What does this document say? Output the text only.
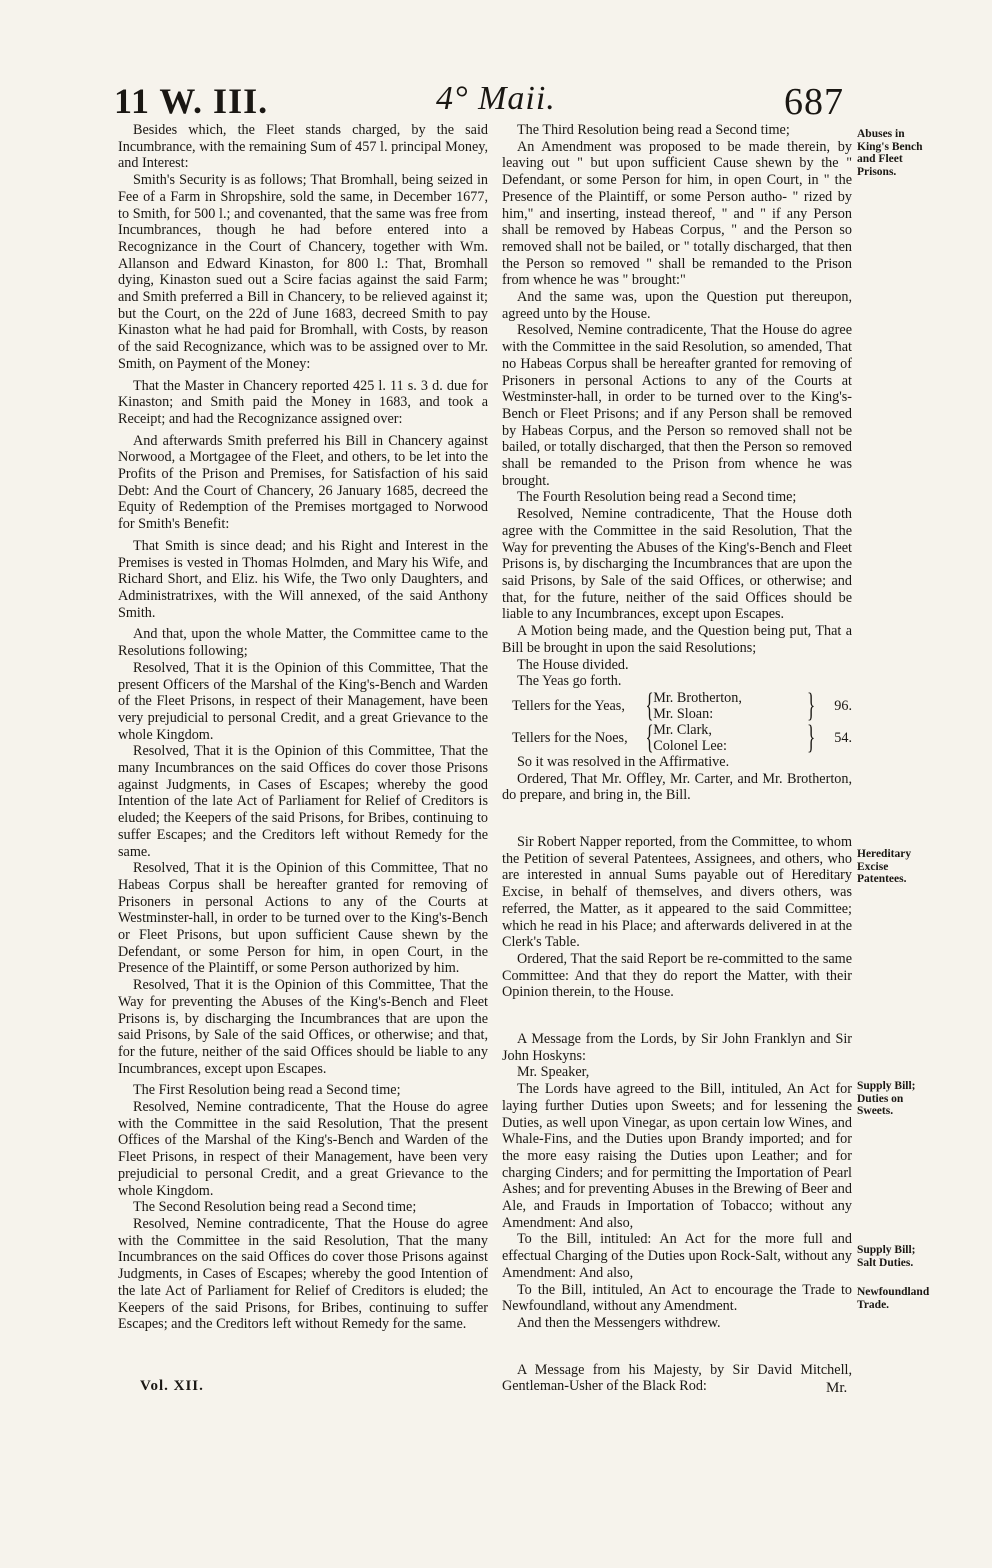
11 W. III.	4° Maii.	687

Besides which, the Fleet stands charged, by the said Incumbrance, with the remaining Sum of 457 l. principal Money, and Interest:

Smith's Security is as follows; That Bromhall, being seized in Fee of a Farm in Shropshire, sold the same, in December 1677, to Smith, for 500 l.; and covenanted, that the same was free from Incumbrances, though he had before entered into a Recognizance in the Court of Chancery, together with Wm. Allanson and Edward Kinaston, for 800 l.: That, Bromhall dying, Kinaston sued out a Scire facias against the said Farm; and Smith preferred a Bill in Chancery, to be relieved against it; but the Court, on the 22d of June 1683, decreed Smith to pay Kinaston what he had paid for Bromhall, with Costs, by reason of the said Recognizance, which was to be assigned over to Mr. Smith, on Payment of the Money:

That the Master in Chancery reported 425 l. 11 s. 3 d. due for Kinaston; and Smith paid the Money in 1683, and took a Receipt; and had the Recognizance assigned over:

And afterwards Smith preferred his Bill in Chancery against Norwood, a Mortgagee of the Fleet, and others, to be let into the Profits of the Prison and Premises, for Satisfaction of his said Debt: And the Court of Chancery, 26 January 1685, decreed the Equity of Redemption of the Premises mortgaged to Norwood for Smith's Benefit:

That Smith is since dead; and his Right and Interest in the Premises is vested in Thomas Holmden, and Mary his Wife, and Richard Short, and Eliz. his Wife, the Two only Daughters, and Administratrixes, with the Will annexed, of the said Anthony Smith.

And that, upon the whole Matter, the Committee came to the Resolutions following;

Resolved, That it is the Opinion of this Committee, That the present Officers of the Marshal of the King's-Bench and Warden of the Fleet Prisons, in respect of their Management, have been very prejudicial to personal Credit, and a great Grievance to the whole Kingdom.

Resolved, That it is the Opinion of this Committee, That the many Incumbrances on the said Offices do cover those Prisons against Judgments, in Cases of Escapes; whereby the good Intention of the late Act of Parliament for Relief of Creditors is eluded; the Keepers of the said Prisons, for Bribes, continuing to suffer Escapes; and the Creditors left without Remedy for the same.

Resolved, That it is the Opinion of this Committee, That no Habeas Corpus shall be hereafter granted for removing of Prisoners in personal Actions to any of the Courts at Westminster-hall, in order to be turned over to the King's-Bench or Fleet Prisons, but upon sufficient Cause shewn by the Defendant, or some Person for him, in open Court, in the Presence of the Plaintiff, or some Person authorized by him.

Resolved, That it is the Opinion of this Committee, That the Way for preventing the Abuses of the King's-Bench and Fleet Prisons is, by discharging the Incumbrances that are upon the said Prisons, by Sale of the said Offices, or otherwise; and that, for the future, neither of the said Offices should be liable to any Incumbrances, except upon Escapes.

The First Resolution being read a Second time;

Resolved, Nemine contradicente, That the House do agree with the Committee in the said Resolution, That the present Offices of the Marshal of the King's-Bench and Warden of the Fleet Prisons, in respect of their Management, have been very prejudicial to personal Credit, and a great Grievance to the whole Kingdom.

The Second Resolution being read a Second time;

Resolved, Nemine contradicente, That the House do agree with the Committee in the said Resolution, That the many Incumbrances on the said Offices do cover those Prisons against Judgments, in Cases of Escapes; whereby the good Intention of the late Act of Parliament for Relief of Creditors is eluded; the Keepers of the said Prisons, for Bribes, continuing to suffer Escapes; and the Creditors left without Remedy for the same.

The Third Resolution being read a Second time;

An Amendment was proposed to be made therein, by leaving out " but upon sufficient Cause shewn by the " Defendant, or some Person for him, in open Court, in " the Presence of the Plaintiff, or some Person autho- " rized by him," and inserting, instead thereof, " and " if any Person shall be removed by Habeas Corpus, " and the Person so removed shall not be bailed, or " totally discharged, that then the Person so removed " shall be remanded to the Prison from whence he was " brought:"

And the same was, upon the Question put thereupon, agreed unto by the House.

Resolved, Nemine contradicente, That the House do agree with the Committee in the said Resolution, so amended, That no Habeas Corpus shall be hereafter granted for removing of Prisoners in personal Actions to any of the Courts at Westminster-hall, in order to be turned over to the King's-Bench or Fleet Prisons; and if any Person shall be removed by Habeas Corpus, and the Person so removed shall not be bailed, or totally discharged, that then the Person so removed shall be remanded to the Prison from whence he was brought.

The Fourth Resolution being read a Second time;

Resolved, Nemine contradicente, That the House doth agree with the Committee in the said Resolution, That the Way for preventing the Abuses of the King's-Bench and Fleet Prisons is, by discharging the Incumbrances that are upon the said Prisons, by Sale of the said Offices, or otherwise; and that, for the future, neither of the said Offices should be liable to any Incumbrances, except upon Escapes.

A Motion being made, and the Question being put, That a Bill be brought in upon the said Resolutions;

The House divided.

The Yeas go forth.

Tellers for the Yeas, { Mr. Brotherton,
Mr. Sloan:	}	96.
Tellers for the Noes, { Mr. Clark,
Colonel Lee:	}	54.

So it was resolved in the Affirmative.

Ordered, That Mr. Offley, Mr. Carter, and Mr. Brotherton, do prepare, and bring in, the Bill.

Sir Robert Napper reported, from the Committee, to whom the Petition of several Patentees, Assignees, and others, who are interested in annual Sums payable out of Hereditary Excise, in behalf of themselves, and divers others, was referred, the Matter, as it appeared to the said Committee; which he read in his Place; and afterwards delivered in at the Clerk's Table.

Ordered, That the said Report be re-committed to the same Committee: And that they do report the Matter, with their Opinion therein, to the House.

A Message from the Lords, by Sir John Franklyn and Sir John Hoskyns:

Mr. Speaker,

The Lords have agreed to the Bill, intituled, An Act for laying further Duties upon Sweets; and for lessening the Duties, as well upon Vinegar, as upon certain low Wines, and Whale-Fins, and the Duties upon Brandy imported; and for the more easy raising the Duties upon Leather; and for charging Cinders; and for permitting the Importation of Pearl Ashes; and for preventing Abuses in the Brewing of Beer and Ale, and Frauds in Importation of Tobacco; without any Amendment: And also,

To the Bill, intituled: An Act for the more full and effectual Charging of the Duties upon Rock-Salt, without any Amendment: And also,

To the Bill, intituled, An Act to encourage the Trade to Newfoundland, without any Amendment.

And then the Messengers withdrew.

A Message from his Majesty, by Sir David Mitchell, Gentleman-Usher of the Black Rod:

Abuses in King's Bench and Fleet Prisons.
Hereditary Excise Patentees.
Supply Bill; Duties on Sweets.
Supply Bill; Salt Duties.
Newfoundland Trade.
Vol. XII.	Mr.
